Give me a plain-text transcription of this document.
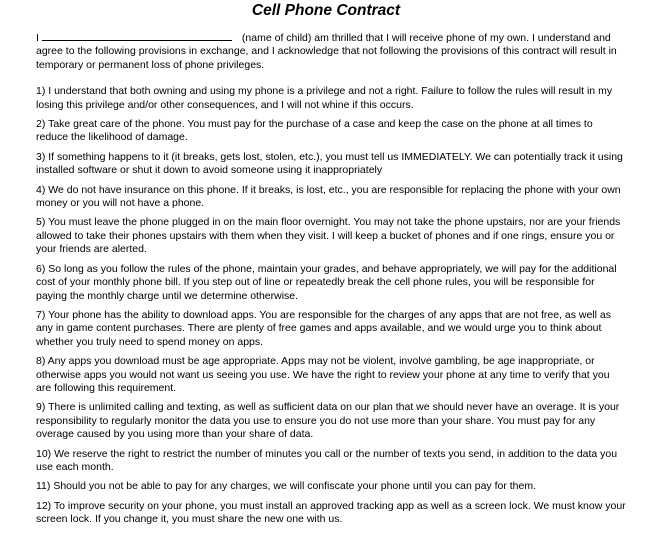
Cell Phone Contract

I	(name of child) am thrilled that I will receive phone of my own. I understand and agree to the following provisions in exchange, and I acknowledge that not following the provisions of this contract will result in temporary or permanent loss of phone privileges.

1) I understand that both owning and using my phone is a privilege and not a right. Failure to follow the rules will result in my losing this privilege and/or other consequences, and I will not whine if this occurs.
2) Take great care of the phone. You must pay for the purchase of a case and keep the case on the phone at all times to reduce the likelihood of damage.
3) If something happens to it (it breaks, gets lost, stolen, etc.), you must tell us IMMEDIATELY. We can potentially track it using installed software or shut it down to avoid someone using it inappropriately
4) We do not have insurance on this phone. If it breaks, is lost, etc., you are responsible for replacing the phone with your own money or you will not have a phone.
5) You must leave the phone plugged in on the main floor overnight. You may not take the phone upstairs, nor are your friends allowed to take their phones upstairs with them when they visit. I will keep a bucket of phones and if one rings, ensure you or your friends are alerted.
6) So long as you follow the rules of the phone, maintain your grades, and behave appropriately, we will pay for the additional cost of your monthly phone bill. If you step out of line or repeatedly break the cell phone rules, you will be responsible for paying the monthly charge until we determine otherwise.
7) Your phone has the ability to download apps. You are responsible for the charges of any apps that are not free, as well as any in game content purchases. There are plenty of free games and apps available, and we would urge you to think about whether you truly need to spend money on apps.
8) Any apps you download must be age appropriate. Apps may not be violent, involve gambling, be age inappropriate, or otherwise apps you would not want us seeing you use. We have the right to review your phone at any time to verify that you are following this requirement.
9) There is unlimited calling and texting, as well as sufficient data on our plan that we should never have an overage. It is your responsibility to regularly monitor the data you use to ensure you do not use more than your share. You must pay for any overage caused by you using more than your share of data.
10) We reserve the right to restrict the number of minutes you call or the number of texts you send, in addition to the data you use each month.
11) Should you not be able to pay for any charges, we will confiscate your phone until you can pay for them.
12) To improve security on your phone, you must install an approved tracking app as well as a screen lock. We must know your screen lock. If you change it, you must share the new one with us.
